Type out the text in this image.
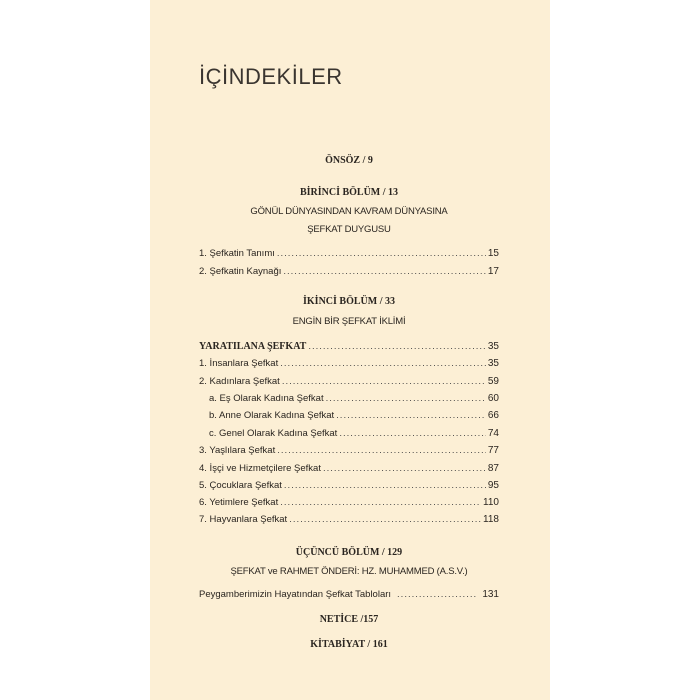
İÇİNDEKİLER
ÖNSÖZ / 9
BİRİNCİ BÖLÜM / 13
GÖNÜL DÜNYASINDAN KAVRAM DÜNYASINA
ŞEFKAT DUYGUSU
1. Şefkatin Tanımı .....	15
2. Şefkatin Kaynağı .....	17
İKİNCİ BÖLÜM / 33
ENGİN BİR ŞEFKAT İKLİMİ
YARATILANA ŞEFKAT .....	35
1. İnsanlara Şefkat .....	35
2. Kadınlara Şefkat .....	59
a. Eş Olarak Kadına Şefkat .....	60
b. Anne Olarak Kadına Şefkat .....	66
c. Genel Olarak Kadına Şefkat .....	74
3. Yaşlılara Şefkat .....	77
4. İşçi ve Hizmetçilere Şefkat .....	87
5. Çocuklara Şefkat .....	95
6. Yetimlere Şefkat .....	110
7. Hayvanlara Şefkat .....	118
ÜÇÜNCÜ BÖLÜM / 129
ŞEFKAT ve RAHMET ÖNDERİ: HZ. MUHAMMED (A.S.V.)
Peygamberimizin Hayatından Şefkat Tabloları .....	131
NETİCE /157
KİTABİYAT / 161
